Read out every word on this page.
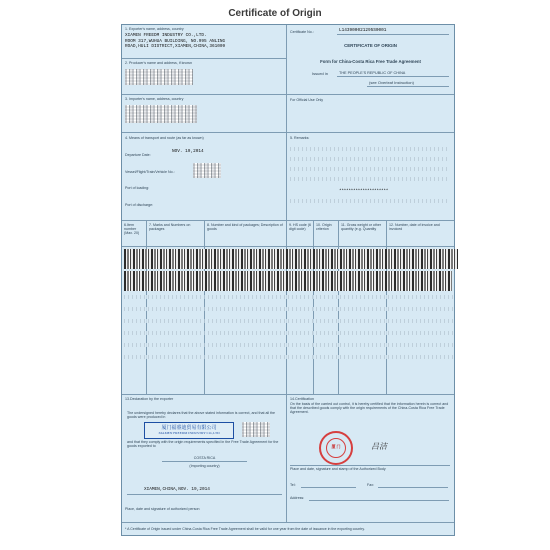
Certificate of Origin
1. Exporter's name, address, country
XIAMEN FREEDM INDUSTRY CO.,LTD.
ROOM 317,WUHUA BUILDING, NO.995 ANLING
ROAD,HULI DISTRICT,XIAMEN,CHINA,361009
Certificate No.:	L143900021295S0001
CERTIFICATE OF ORIGIN
Form for China-Costa Rica Free Trade Agreement
Issued in	THE PEOPLE'S REPUBLIC OF CHINA
(see Overleaf Instruction)
2. Producer's name and address, if known
3. Importer's name, address, country	For Official Use Only
4. Means of transport and route (as far as known)
Departure Date:
NOV. 19,2014
Vessel/Flight/Train/Vehicle No.:
Port of loading:
Port of discharge:
5. Remarks:
*********************
6.Item number (Max. 20)
7. Marks and Numbers on packages
8. Number and kind of packages; Description of goods
9. HS code (6 digit code)
10. Origin criterion
11. Gross weight or other quantity (e.g. Quantity
12. Number, date of invoice and invoiced
13.Declaration by the exporter
The undersigned hereby declares that the above stated information is correct, and that all the goods were produced in
厦门福睿迪贸易有限公司
XIAMEN FREEDM INDUSTRY CO.,LTD
and that they comply with the origin requirements specified in the Free Trade Agreement for the goods exported to
COSTA RICA
(Importing country)
XIAMEN,CHINA,NOV. 19,2014
Place, date and signature of authorized person
14.Certification
On the basis of the carried out control, it is hereby certified that the information herein is correct and that the described goods comply with the origin requirements of the China-Costa Rica Free Trade Agreement.
厦 门	吕洁
Place and date, signature and stamp of the Authorized Body
Tel:	Fax:
Address:
* A Certificate of Origin issued under China-Costa Rica Free Trade Agreement shall be valid for one year from the date of issuance in the exporting country.
